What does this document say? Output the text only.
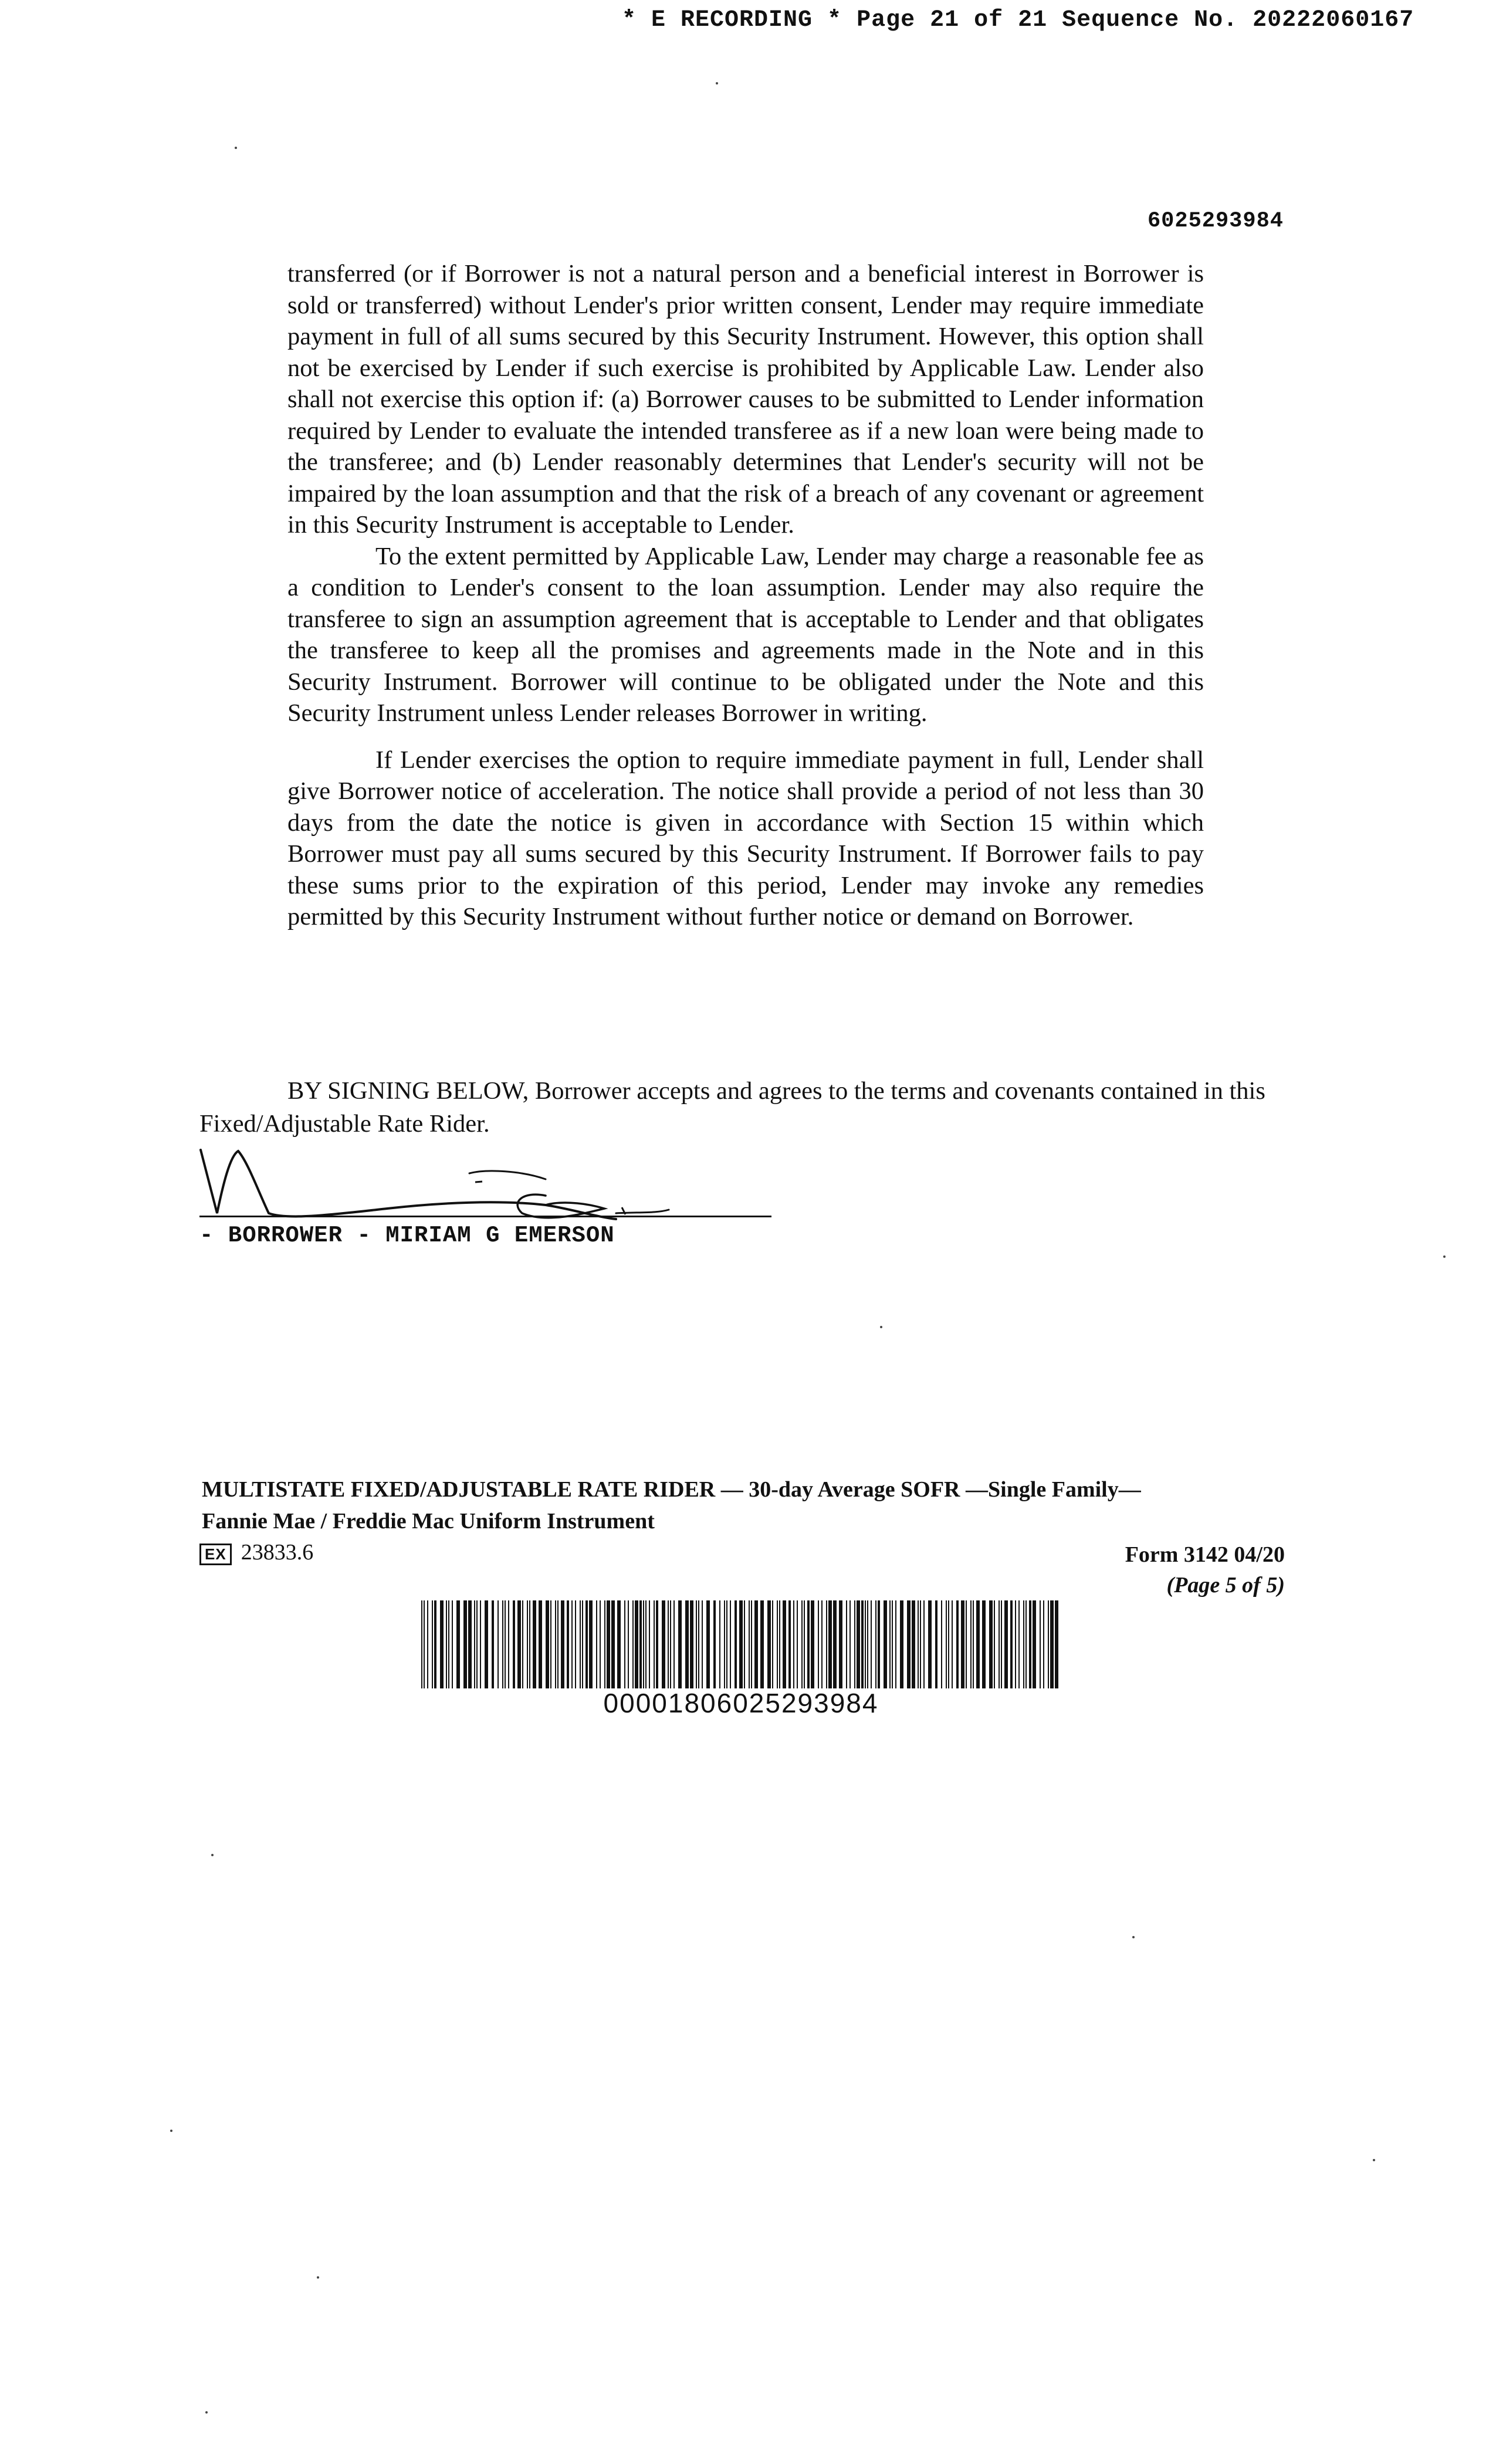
* E RECORDING * Page 21 of 21 Sequence No. 20222060167
6025293984

transferred (or if Borrower is not a natural person and a beneficial interest in Borrower is sold or transferred) without Lender's prior written consent, Lender may require immediate payment in full of all sums secured by this Security Instrument. However, this option shall not be exercised by Lender if such exercise is prohibited by Applicable Law. Lender also shall not exercise this option if: (a) Borrower causes to be submitted to Lender information required by Lender to evaluate the intended transferee as if a new loan were being made to the transferee; and (b) Lender reasonably determines that Lender's security will not be impaired by the loan assumption and that the risk of a breach of any covenant or agreement in this Security Instrument is acceptable to Lender.

To the extent permitted by Applicable Law, Lender may charge a reasonable fee as a condition to Lender's consent to the loan assumption. Lender may also require the transferee to sign an assumption agreement that is acceptable to Lender and that obligates the transferee to keep all the promises and agreements made in the Note and in this Security Instrument. Borrower will continue to be obligated under the Note and this Security Instrument unless Lender releases Borrower in writing.

If Lender exercises the option to require immediate payment in full, Lender shall give Borrower notice of acceleration. The notice shall provide a period of not less than 30 days from the date the notice is given in accordance with Section 15 within which Borrower must pay all sums secured by this Security Instrument. If Borrower fails to pay these sums prior to the expiration of this period, Lender may invoke any remedies permitted by this Security Instrument without further notice or demand on Borrower.

BY SIGNING BELOW, Borrower accepts and agrees to the terms and covenants contained in this Fixed/Adjustable Rate Rider.
- BORROWER - MIRIAM G EMERSON
MULTISTATE FIXED/ADJUSTABLE RATE RIDER — 30-day Average SOFR —Single Family—
Fannie Mae / Freddie Mac Uniform Instrument
EX 23833.6	Form 3142 04/20
(Page 5 of 5)
00001806025293984
